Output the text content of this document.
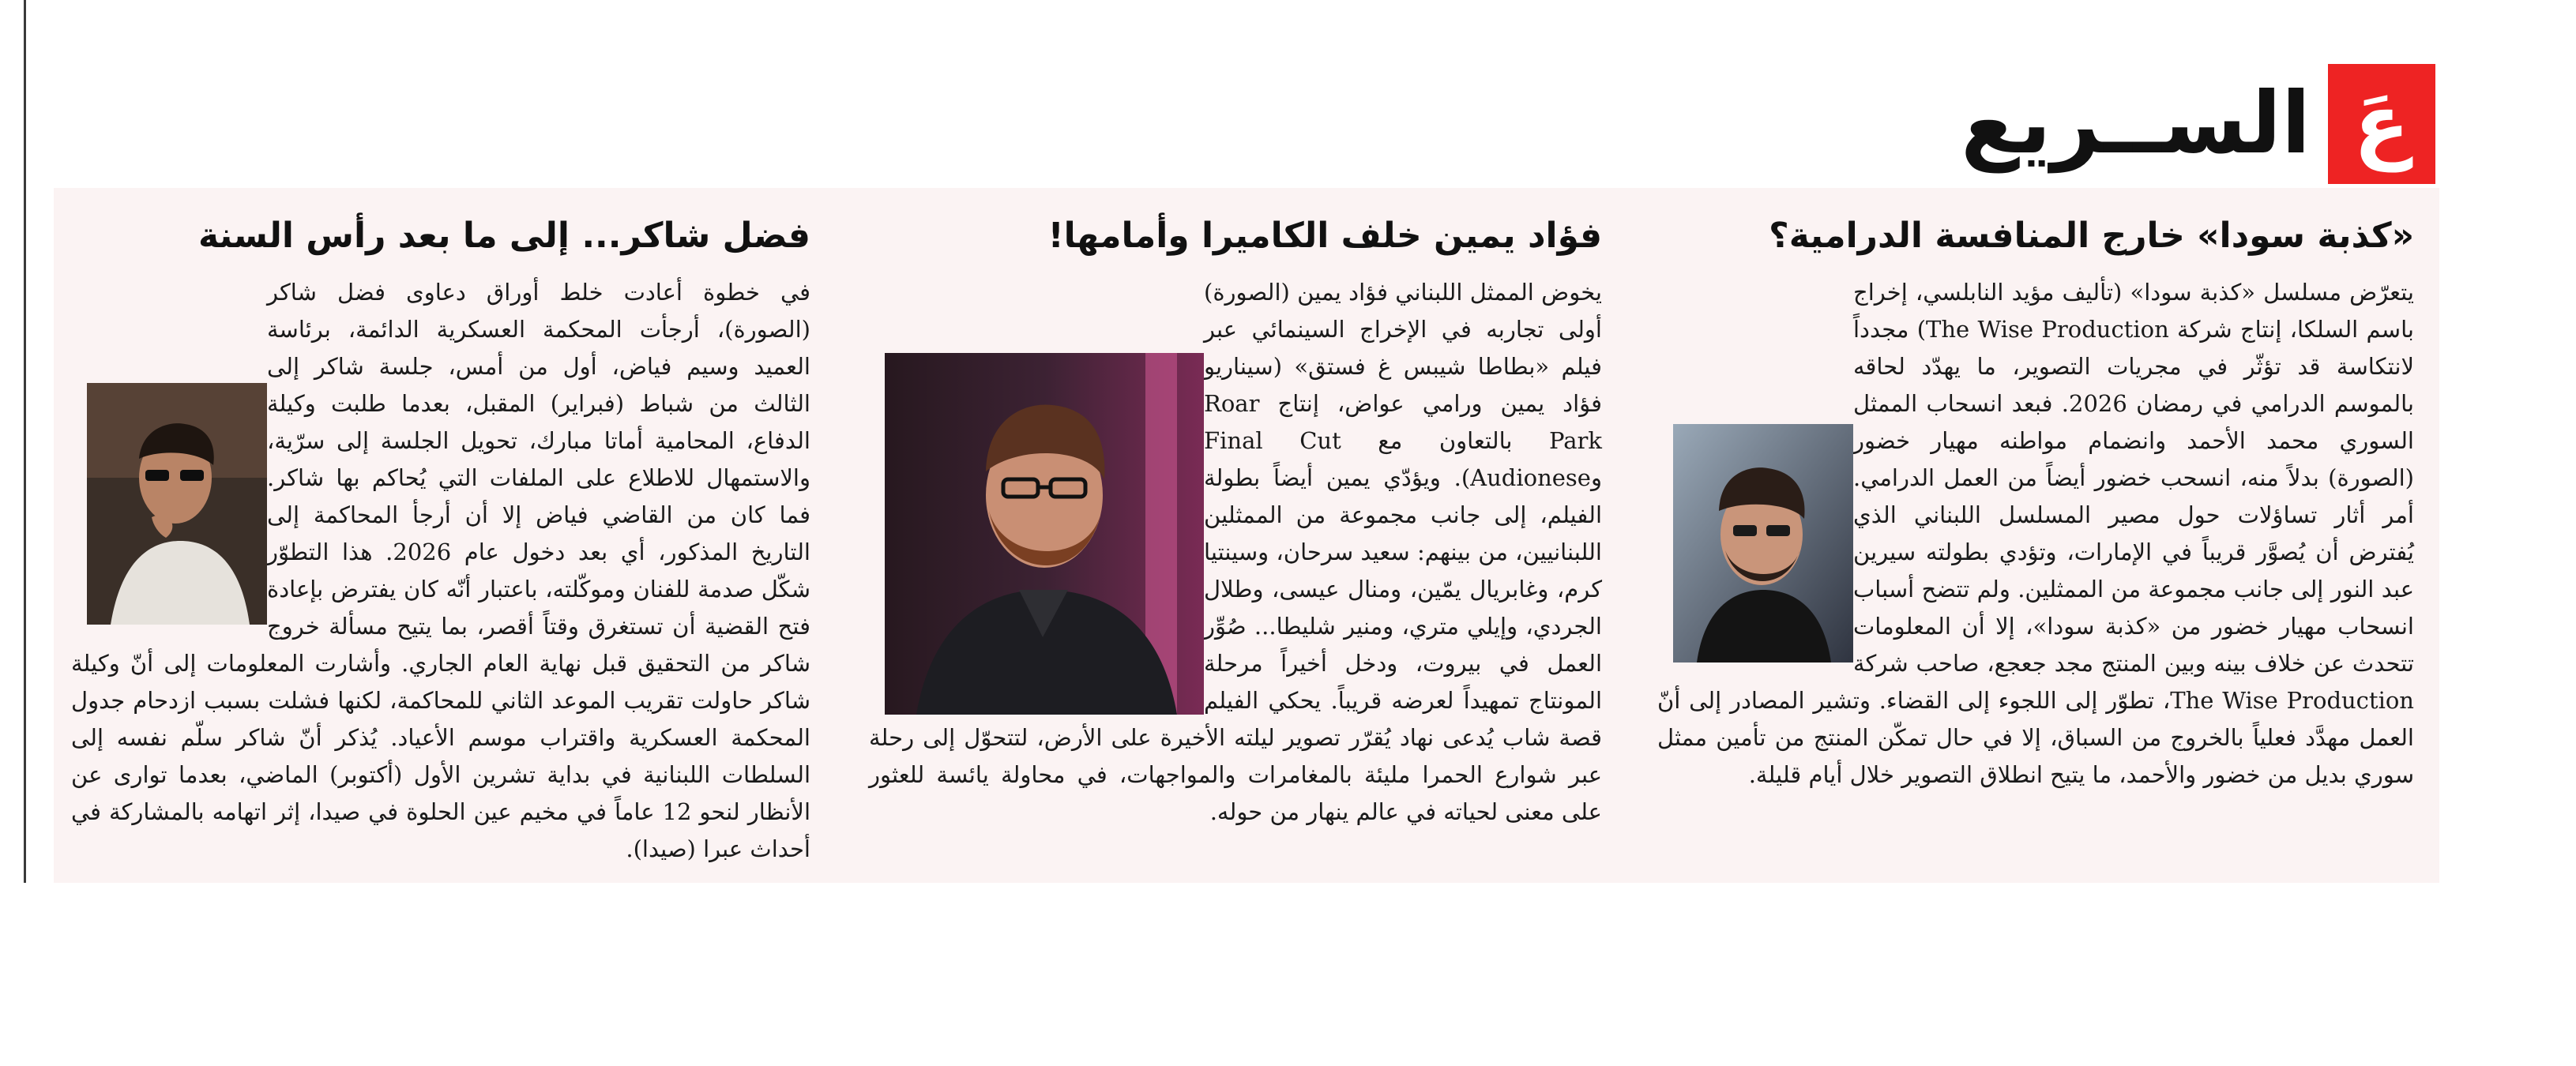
عَ
الســريع
«كذبة سودا» خارج المنافسة الدرامية؟

يتعرّض مسلسل «كذبة سودا» (تأليف مؤيد النابلسي، إخراج باسم السلكا، إنتاج شركة The Wise Production) مجدداً لانتكاسة قد تؤثّر في مجريات التصوير، ما يهدّد لحاقه بالموسم الدرامي في رمضان 2026. فبعد انسحاب الممثل السوري محمد الأحمد وانضمام مواطنه مهيار خضور (الصورة) بدلاً منه، انسحب خضور أيضاً من العمل الدرامي. أمر أثار تساؤلات حول مصير المسلسل اللبناني الذي يُفترض أن يُصوَّر قريباً في الإمارات، وتؤدي بطولته سيرين عبد النور إلى جانب مجموعة من الممثلين. ولم تتضح أسباب انسحاب مهيار خضور من «كذبة سودا»، إلا أن المعلومات تتحدث عن خلاف بينه وبين المنتج مجد جعجع، صاحب شركة The Wise Production، تطوّر إلى اللجوء إلى القضاء. وتشير المصادر إلى أنّ العمل مهدَّد فعلياً بالخروج من السباق، إلا في حال تمكّن المنتج من تأمين ممثل سوري بديل من خضور والأحمد، ما يتيح انطلاق التصوير خلال أيام قليلة.

فؤاد يمين خلف الكاميرا وأمامها!

يخوض الممثل اللبناني فؤاد يمين (الصورة) أولى تجاربه في الإخراج السينمائي عبر فيلم «بطاطا شيبس غ فستق» (سيناريو فؤاد يمين ورامي عواض، إنتاج Roar Park بالتعاون مع Final Cut وAudionese). ويؤدّي يمين أيضاً بطولة الفيلم، إلى جانب مجموعة من الممثلين اللبنانيين، من بينهم: سعيد سرحان، وسينتيا كرم، وغابريال يمّين، ومنال عيسى، وطلال الجردي، وإيلي متري، ومنير شليطا... صُوِّر العمل في بيروت، ودخل أخيراً مرحلة المونتاج تمهيداً لعرضه قريباً. يحكي الفيلم قصة شاب يُدعى نهاد يُقرّر تصوير ليلته الأخيرة على الأرض، لتتحوّل إلى رحلة عبر شوارع الحمرا مليئة بالمغامرات والمواجهات، في محاولة يائسة للعثور على معنى لحياته في عالم ينهار من حوله.

فضل شاكر... إلى ما بعد رأس السنة

في خطوة أعادت خلط أوراق دعاوى فضل شاكر (الصورة)، أرجأت المحكمة العسكرية الدائمة، برئاسة العميد وسيم فياض، أول من أمس، جلسة شاكر إلى الثالث من شباط (فبراير) المقبل، بعدما طلبت وكيلة الدفاع، المحامية أماتا مبارك، تحويل الجلسة إلى سرّية، والاستمهال للاطلاع على الملفات التي يُحاكم بها شاكر. فما كان من القاضي فياض إلا أن أرجأ المحاكمة إلى التاريخ المذكور، أي بعد دخول عام 2026. هذا التطوّر شكّل صدمة للفنان وموكّلته، باعتبار أنّه كان يفترض بإعادة فتح القضية أن تستغرق وقتاً أقصر، بما يتيح مسألة خروج شاكر من التحقيق قبل نهاية العام الجاري. وأشارت المعلومات إلى أنّ وكيلة شاكر حاولت تقريب الموعد الثاني للمحاكمة، لكنها فشلت بسبب ازدحام جدول المحكمة العسكرية واقتراب موسم الأعياد. يُذكر أنّ شاكر سلّم نفسه إلى السلطات اللبنانية في بداية تشرين الأول (أكتوبر) الماضي، بعدما توارى عن الأنظار لنحو 12 عاماً في مخيم عين الحلوة في صيدا، إثر اتهامه بالمشاركة في أحداث عبرا (صيدا).
